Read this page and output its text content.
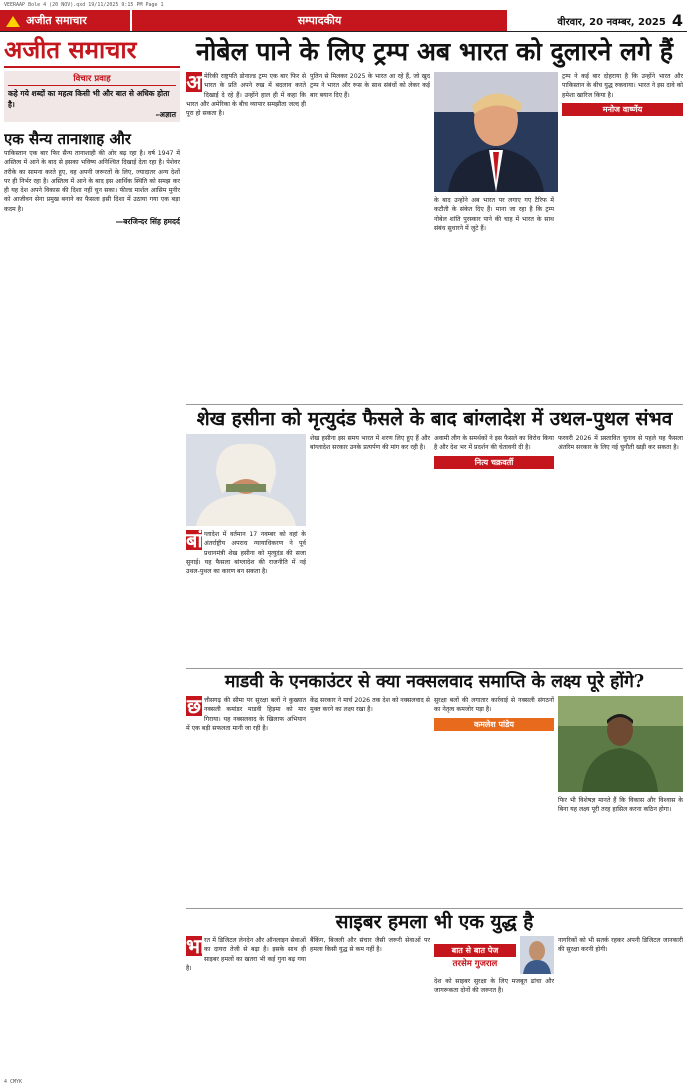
VEERAAP Bole 4 (20 NOV).qxd 19/11/2025 9:15 PM Page 1
अजीत समाचार	सम्पादकीय	वीरवार, 20 नवम्बर, 2025 4
अजीत समाचार
विचार प्रवाह
कहे गये शब्दों का महत्व किसी भी और बात से अधिक होता है।
–अज्ञात
एक सैन्य तानाशाह और
पाकिस्तान एक बार फिर सैन्य तानाशाही की ओर बढ़ रहा है। वर्ष 1947 में अस्तित्व में आने के बाद से इसका भविष्य अनिश्चित दिखाई देता रहा है। पेशेवर तरीके का सामना करते हुए, वह अपनी जरूरतों के लिए, ज्यादातर अन्य देशों पर ही निर्भर रहा है। अस्तित्व में आने के बाद इस आर्थिक स्थिति को समझ कर ही यह देश अपने विकास की दिशा नहीं चुन सका। फील्ड मार्शल आसिम मुनीर को आजीवन सेना प्रमुख बनाने का फैसला इसी दिशा में उठाया गया एक बड़ा कदम है।
—बरजिन्दर सिंह हमदर्द
नोबेल पाने के लिए ट्रम्प अब भारत को दुलारने लगे हैं
अ मेरिकी राष्ट्रपति डोनाल्ड ट्रम्प एक बार फिर से भारत के प्रति अपने रुख में बदलाव करते दिखाई दे रहे हैं। उन्होंने हाल ही में कहा कि भारत और अमेरिका के बीच व्यापार समझौता जल्द ही पूरा हो सकता है।
पुतिन से मिलकर 2025 के भारत आ रहे हैं, जो खुद ट्रम्प ने भारत और रूस के साथ संबंधों को लेकर कई बार बयान दिए हैं।
के बाद उन्होंने अब भारत पर लगाए गए टैरिफ में कटौती के संकेत दिए हैं। माना जा रहा है कि ट्रम्प नोबेल शांति पुरस्कार पाने की चाह में भारत के साथ संबंध सुधारने में जुटे हैं।
ट्रम्प ने कई बार दोहराया है कि उन्होंने भारत और पाकिस्तान के बीच युद्ध रुकवाया। भारत ने इस दावे को हमेशा खारिज किया है।
मनोज वार्ष्णेय
शेख हसीना को मृत्युदंड फैसले के बाद बांग्लादेश में उथल-पुथल संभव
बां ग्लादेश में वर्तमान 17 नवम्बर को वहां के अंतर्राष्ट्रीय अपराध न्यायाधिकरण ने पूर्व प्रधानमंत्री शेख हसीना को मृत्युदंड की सजा सुनाई। यह फैसला बांग्लादेश की राजनीति में नई उथल-पुथल का कारण बन सकता है।
शेख हसीना इस समय भारत में शरण लिए हुए हैं और बांग्लादेश सरकार उनके प्रत्यर्पण की मांग कर रही है।
अवामी लीग के समर्थकों ने इस फैसले का विरोध किया है और देश भर में प्रदर्शन की चेतावनी दी है।
नित्य चक्रवर्ती
फरवरी 2026 में प्रस्तावित चुनाव से पहले यह फैसला अंतरिम सरकार के लिए नई चुनौती खड़ी कर सकता है।
माडवी के एनकाउंटर से क्या नक्सलवाद समाप्ति के लक्ष्य पूरे होंगे?
छ त्तीसगढ़ की सीमा पर सुरक्षा बलों ने कुख्यात नक्सली कमांडर माडवी हिड़मा को मार गिराया। यह नक्सलवाद के खिलाफ अभियान में एक बड़ी सफलता मानी जा रही है।
केंद्र सरकार ने मार्च 2026 तक देश को नक्सलवाद से मुक्त करने का लक्ष्य रखा है।
सुरक्षा बलों की लगातार कार्रवाई से नक्सली संगठनों का नेतृत्व कमजोर पड़ा है।
कमलेश पांडेय
फिर भी विशेषज्ञ मानते हैं कि विकास और विश्वास के बिना यह लक्ष्य पूरी तरह हासिल करना कठिन होगा।
साइबर हमला भी एक युद्ध है
भा
रत में डिजिटल लेनदेन और ऑनलाइन सेवाओं का दायरा तेजी से बढ़ा है। इसके साथ ही साइबर हमलों का खतरा भी कई गुना बढ़ गया है।
बैंकिंग, बिजली और संचार जैसी जरूरी सेवाओं पर हमला किसी युद्ध से कम नहीं है।	बात से बात पेज
तरसेम गुजराल
देश को साइबर सुरक्षा के लिए मजबूत ढांचा और जागरूकता दोनों की जरूरत है।
नागरिकों को भी सतर्क रहकर अपनी डिजिटल जानकारी की सुरक्षा करनी होगी।
4 CMYK
